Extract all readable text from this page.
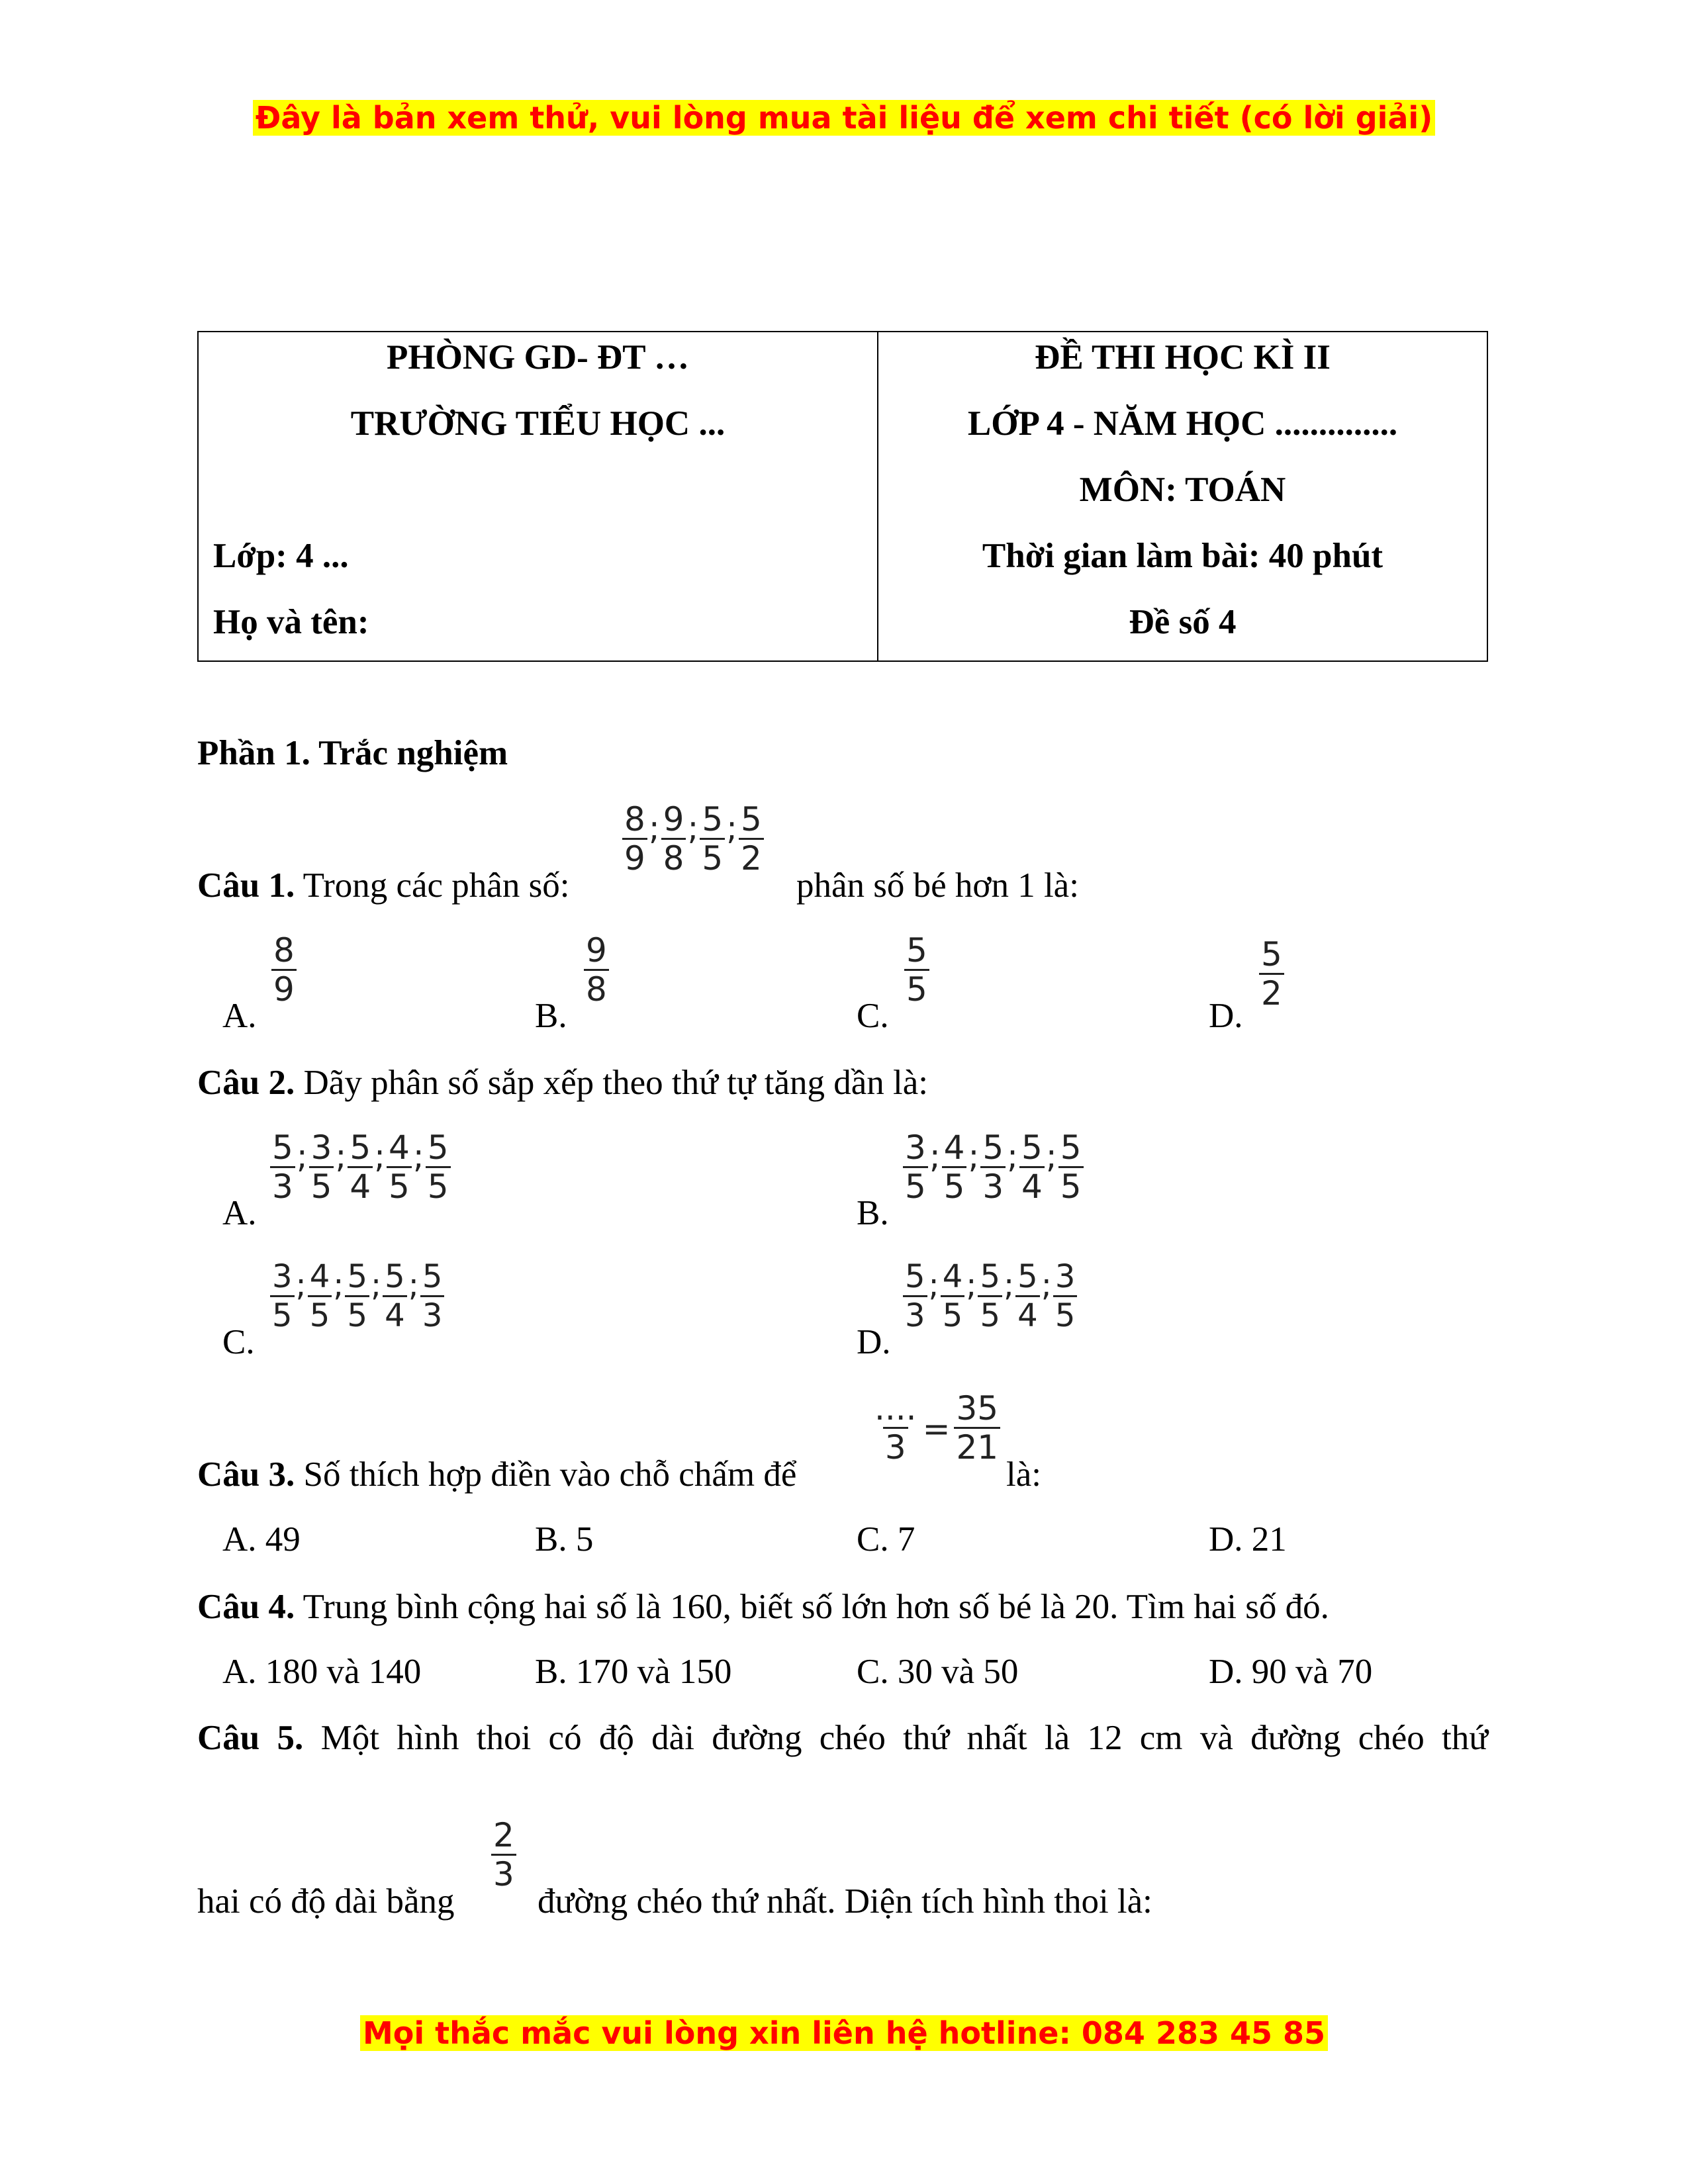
Đây là bản xem thử, vui lòng mua tài liệu để xem chi tiết (có lời giải)
Mọi thắc mắc vui lòng xin liên hệ hotline: 084 283 45 85
PHÒNG GD- ĐT …
TRƯỜNG TIỂU HỌC ...
Lớp: 4 ...
Họ và tên:

ĐỀ THI HỌC KÌ II
LỚP 4 - NĂM HỌC ..............
MÔN: TOÁN
Thời gian làm bài: 40 phút
Đề số 4
Phần 1. Trắc nghiệm
Câu 1. Trong các phân số:
$\frac{8}{9}$ ; $\frac{9}{8}$ ; $\frac{5}{5}$ ; $\frac{5}{2}$
phân số bé hơn 1 là:
A.
$\frac{8}{9}$
B.
$\frac{9}{8}$
C.
$\frac{5}{5}$
D.
$\frac{5}{2}$
Câu 2. Dãy phân số sắp xếp theo thứ tự tăng dần là:
A.
$\frac{5}{3}$ ; $\frac{3}{5}$ ; $\frac{5}{4}$ ; $\frac{4}{5}$ ; $\frac{5}{5}$
B.
$\frac{3}{5}$ ; $\frac{4}{5}$ ; $\frac{5}{3}$ ; $\frac{5}{4}$ ; $\frac{5}{5}$
C.
$\frac{3}{5}$ ; $\frac{4}{5}$ ; $\frac{5}{5}$ ; $\frac{5}{4}$ ; $\frac{5}{3}$
D.
$\frac{5}{3}$ ; $\frac{4}{5}$ ; $\frac{5}{5}$ ; $\frac{5}{4}$ ; $\frac{3}{5}$
Câu 3. Số thích hợp điền vào chỗ chấm để
$\frac{....}{3} = \frac{35}{21}$
là:
A. 49	B. 5	C. 7	D. 21
Câu 4. Trung bình cộng hai số là 160, biết số lớn hơn số bé là 20. Tìm hai số đó.
A. 180 và 140	B. 170 và 150	C. 30 và 50	D. 90 và 70
Câu 5. Một hình thoi có độ dài đường chéo thứ nhất là 12 cm và đường chéo thứ
hai có độ dài bằng
$\frac{2}{3}$
đường chéo thứ nhất. Diện tích hình thoi là:
